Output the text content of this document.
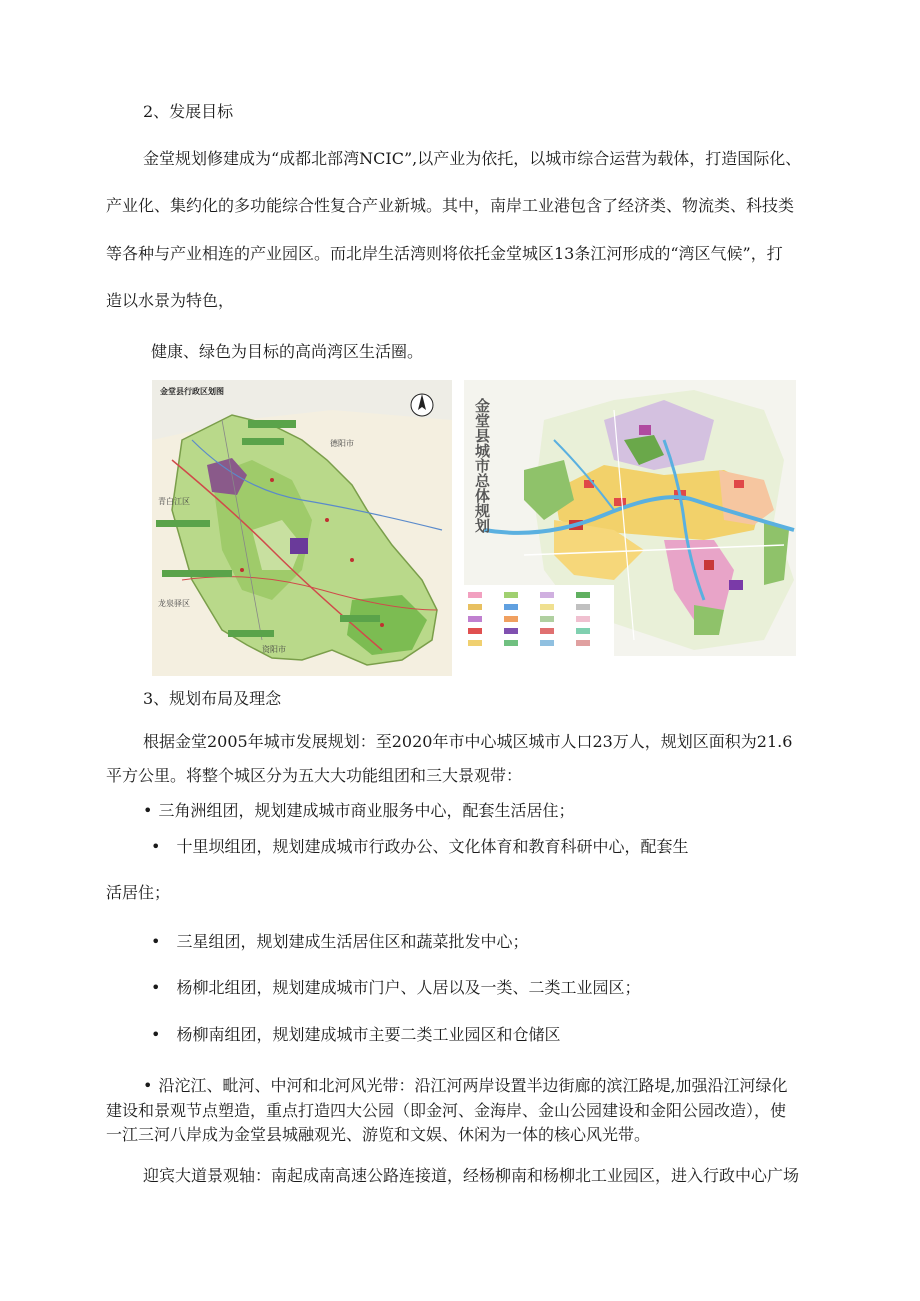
2、发展目标
金堂规划修建成为“成都北部湾NCIC”,以产业为依托，以城市综合运营为载体，打造国际化、
产业化、集约化的多功能综合性复合产业新城。其中，南岸工业港包含了经济类、物流类、科技类
等各种与产业相连的产业园区。而北岸生活湾则将依托金堂城区13条江河形成的“湾区气候”，打
造以水景为特色，
健康、绿色为目标的高尚湾区生活圈。
金堂县行政区划图
德阳市
青白江区
龙泉驿区
资阳市
金堂县城市总体规划
3、规划布局及理念
根据金堂2005年城市发展规划：至2020年市中心城区城市人口23万人，规划区面积为21.6
平方公里。将整个城区分为五大大功能组团和三大景观带：
• 三角洲组团，规划建成城市商业服务中心，配套生活居住；
• 十里坝组团，规划建成城市行政办公、文化体育和教育科研中心，配套生
活居住；
• 三星组团，规划建成生活居住区和蔬菜批发中心；
• 杨柳北组团，规划建成城市门户、人居以及一类、二类工业园区；
• 杨柳南组团，规划建成城市主要二类工业园区和仓储区
• 沿沱江、毗河、中河和北河风光带：沿江河两岸设置半边街廊的滨江路堤,加强沿江河绿化
建设和景观节点塑造，重点打造四大公园（即金河、金海岸、金山公园建设和金阳公园改造），使
一江三河八岸成为金堂县城融观光、游览和文娱、休闲为一体的核心风光带。
迎宾大道景观轴：南起成南高速公路连接道，经杨柳南和杨柳北工业园区，进入行政中心广场
